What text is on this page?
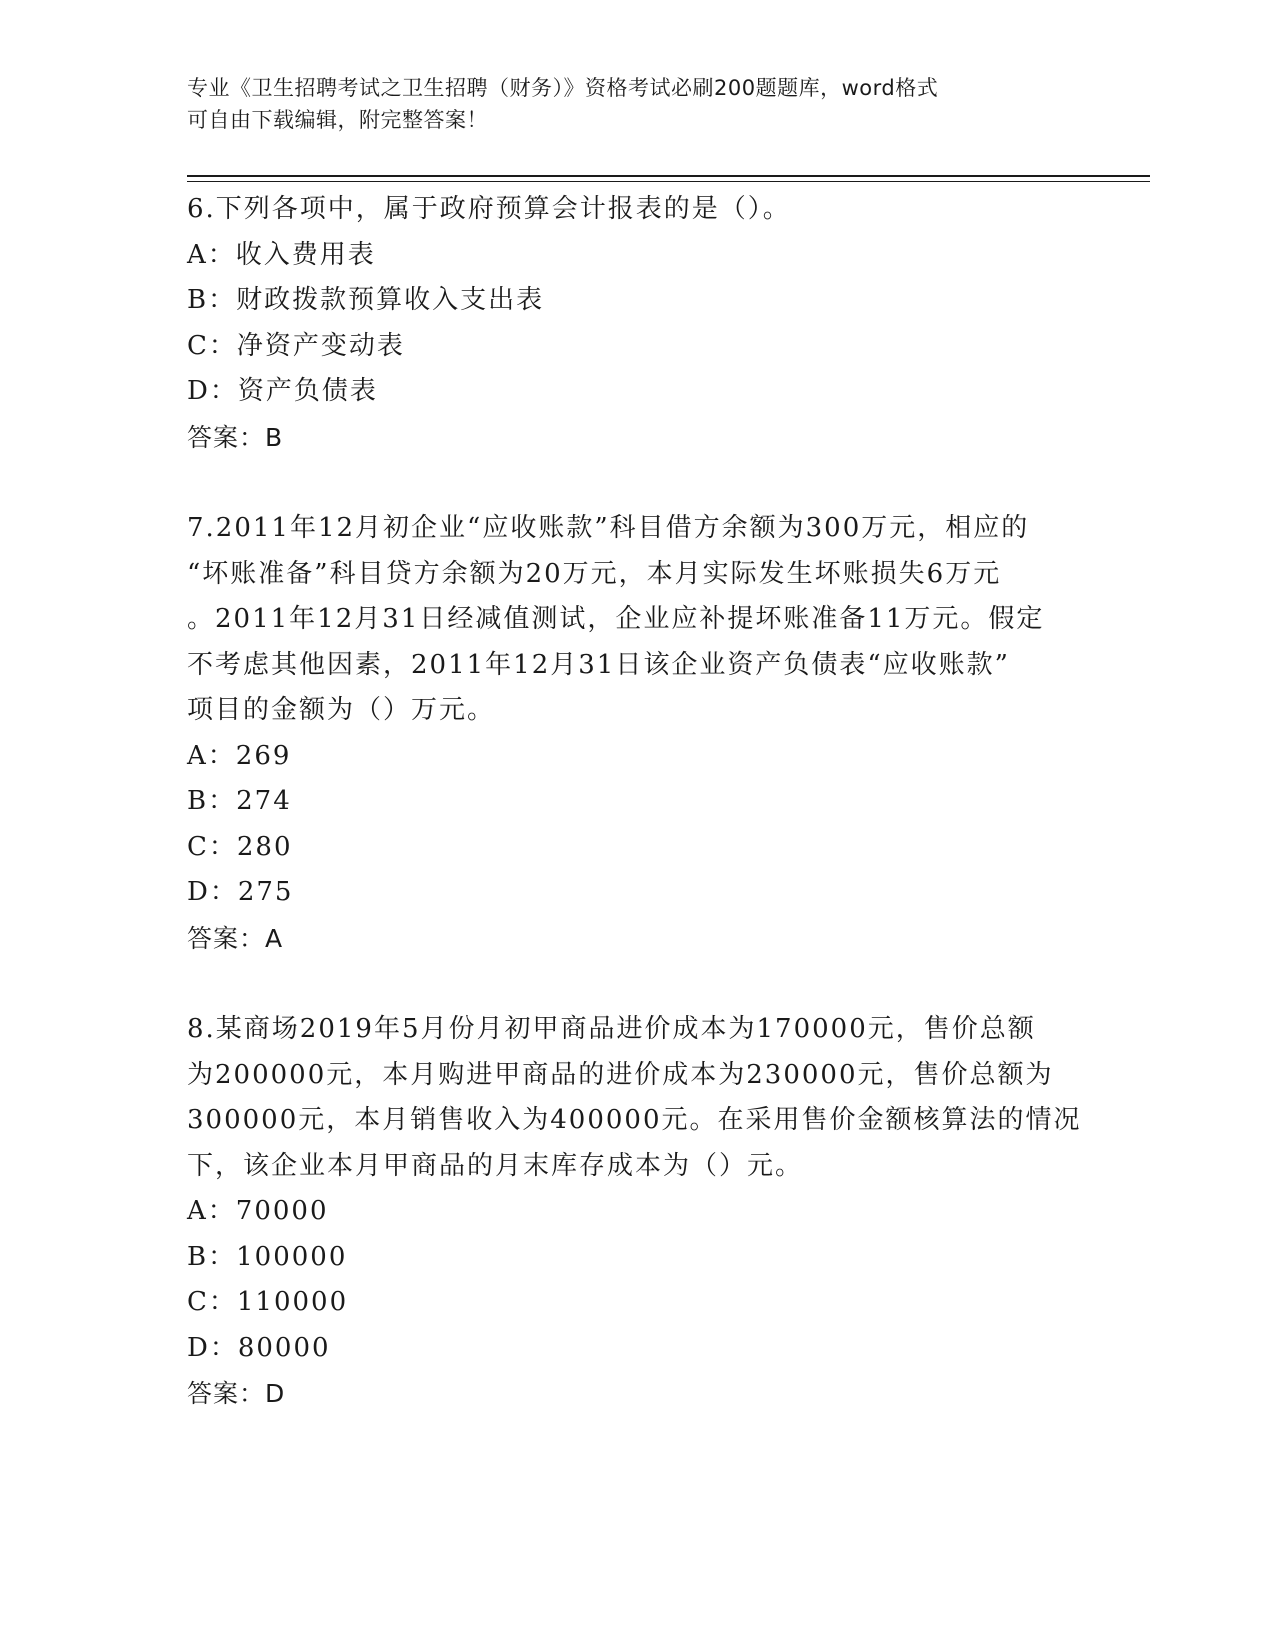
专业《卫生招聘考试之卫生招聘（财务）》资格考试必刷200题题库，word格式
可自由下载编辑，附完整答案！
6.下列各项中，属于政府预算会计报表的是（）。
A：收入费用表
B：财政拨款预算收入支出表
C：净资产变动表
D：资产负债表
答案：B
7.2011年12月初企业“应收账款”科目借方余额为300万元，相应的
“坏账准备”科目贷方余额为20万元，本月实际发生坏账损失6万元
。2011年12月31日经减值测试，企业应补提坏账准备11万元。假定
不考虑其他因素，2011年12月31日该企业资产负债表“应收账款”
项目的金额为（）万元。
A：269
B：274
C：280
D：275
答案：A
8.某商场2019年5月份月初甲商品进价成本为170000元，售价总额
为200000元，本月购进甲商品的进价成本为230000元，售价总额为
300000元，本月销售收入为400000元。在采用售价金额核算法的情况
下，该企业本月甲商品的月末库存成本为（）元。
A：70000
B：100000
C：110000
D：80000
答案：D
